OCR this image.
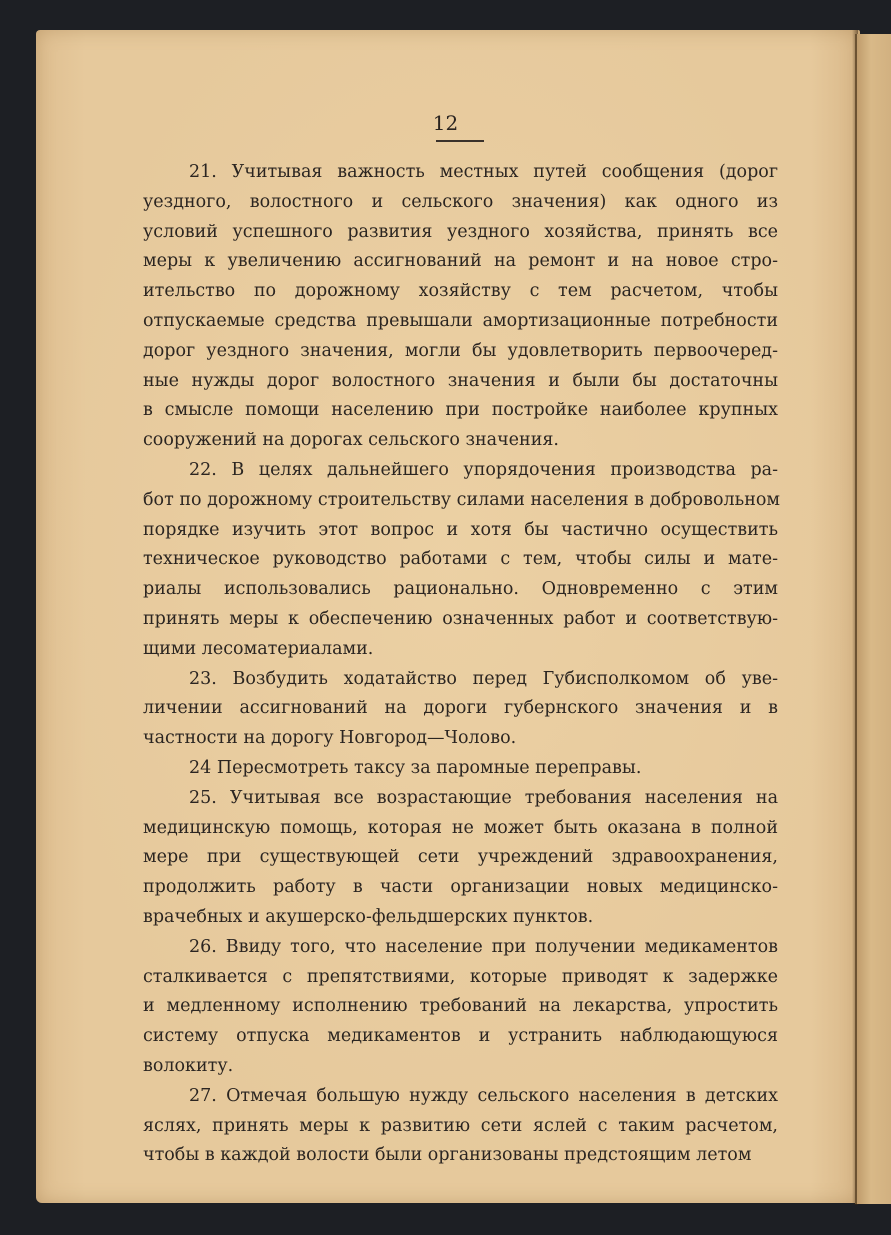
12
21. Учитывая важность местных путей сообщения (дорог
уездного, волостного и сельского значения) как одного из
условий успешного развития уездного хозяйства, принять все
меры к увеличению ассигнований на ремонт и на новое стро-
ительство по дорожному хозяйству с тем расчетом, чтобы
отпускаемые средства превышали амортизационные потребности
дорог уездного значения, могли бы удовлетворить первоочеред-
ные нужды дорог волостного значения и были бы достаточны
в смысле помощи населению при постройке наиболее крупных
сооружений на дорогах сельского значения.
22. В целях дальнейшего упорядочения производства ра-
бот по дорожному строительству силами населения в добровольном
порядке изучить этот вопрос и хотя бы частично осуществить
техническое руководство работами с тем, чтобы силы и мате-
риалы использовались рационально. Одновременно с этим
принять меры к обеспечению означенных работ и соответствую-
щими лесоматериалами.
23. Возбудить ходатайство перед Губисполкомом об уве-
личении ассигнований на дороги губернского значения и в
частности на дорогу Новгород—Чолово.
24 Пересмотреть таксу за паромные переправы.
25. Учитывая все возрастающие требования населения на
медицинскую помощь, которая не может быть оказана в полной
мере при существующей сети учреждений здравоохранения,
продолжить работу в части организации новых медицинско-
врачебных и акушерско-фельдшерских пунктов.
26. Ввиду того, что население при получении медикаментов
сталкивается с препятствиями, которые приводят к задержке
и медленному исполнению требований на лекарства, упростить
систему отпуска медикаментов и устранить наблюдающуюся
волокиту.
27. Отмечая большую нужду сельского населения в детских
яслях, принять меры к развитию сети яслей с таким расчетом,
чтобы в каждой волости были организованы предстоящим летом
